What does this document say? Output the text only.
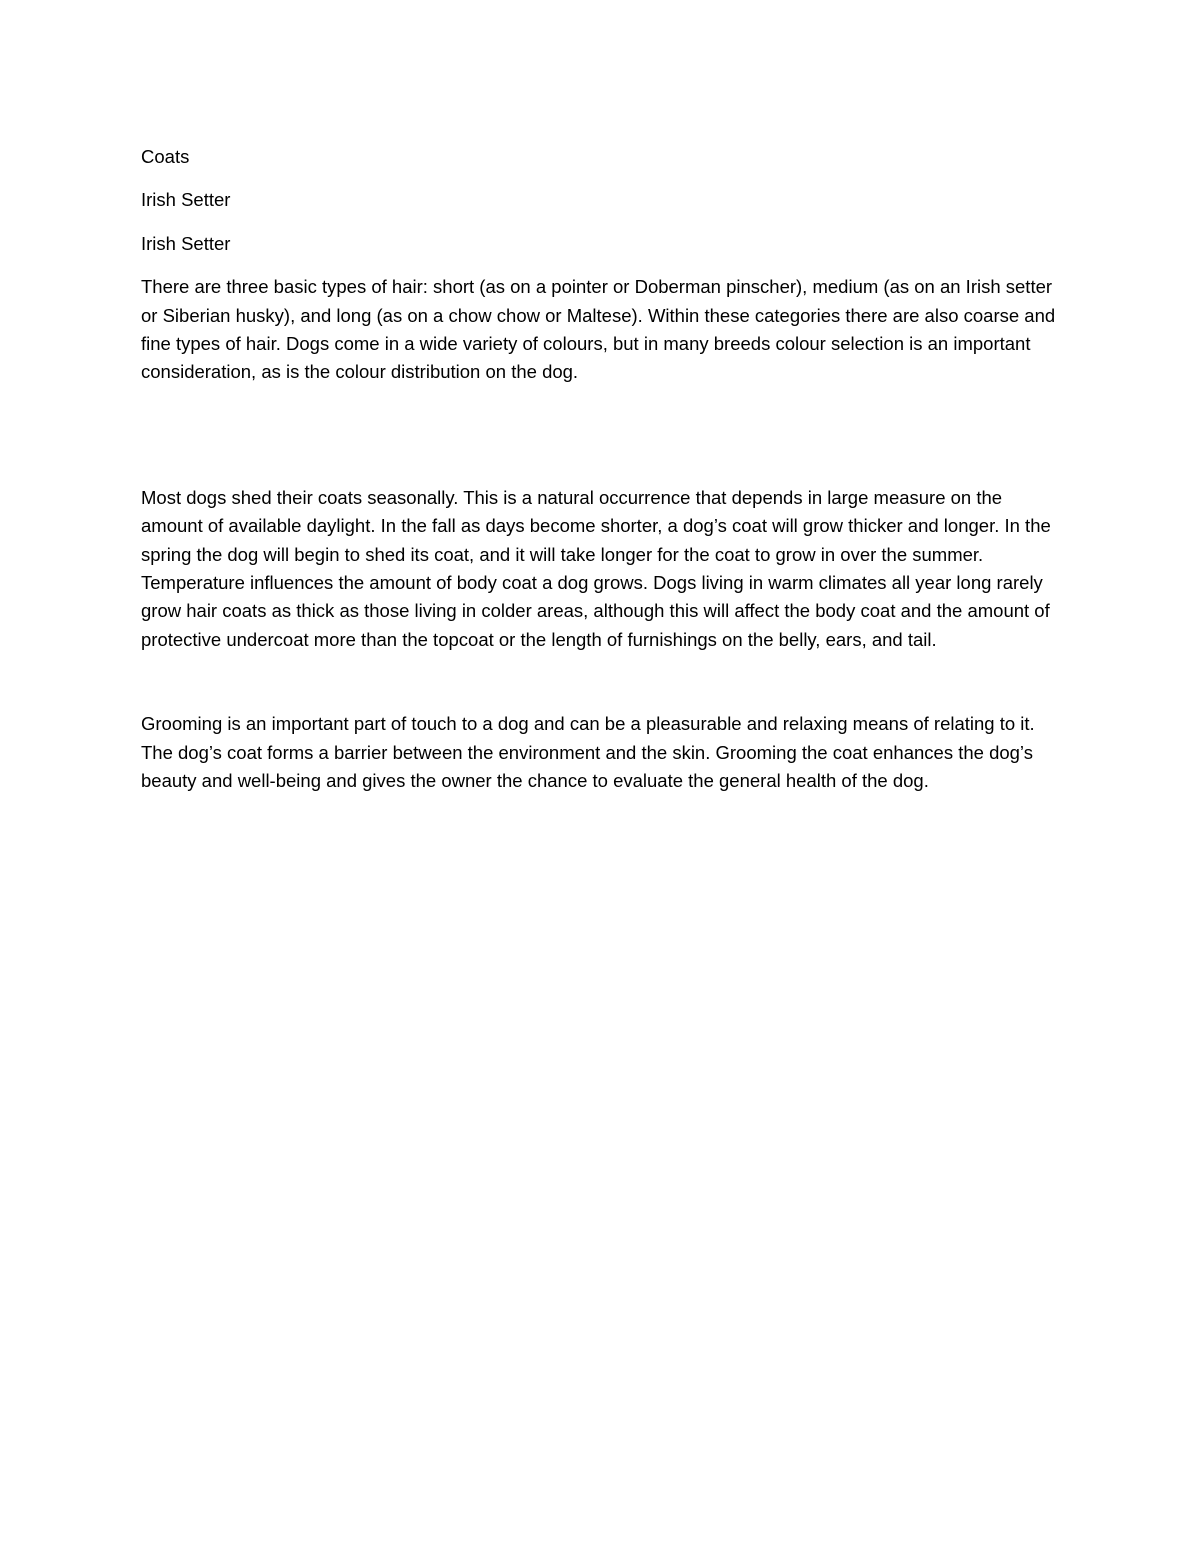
Coats

Irish Setter

Irish Setter

There are three basic types of hair: short (as on a pointer or Doberman pinscher), medium (as on an Irish setter or Siberian husky), and long (as on a chow chow or Maltese). Within these categories there are also coarse and fine types of hair. Dogs come in a wide variety of colours, but in many breeds colour selection is an important consideration, as is the colour distribution on the dog.

Most dogs shed their coats seasonally. This is a natural occurrence that depends in large measure on the amount of available daylight. In the fall as days become shorter, a dog’s coat will grow thicker and longer. In the spring the dog will begin to shed its coat, and it will take longer for the coat to grow in over the summer. Temperature influences the amount of body coat a dog grows. Dogs living in warm climates all year long rarely grow hair coats as thick as those living in colder areas, although this will affect the body coat and the amount of protective undercoat more than the topcoat or the length of furnishings on the belly, ears, and tail.

Grooming is an important part of touch to a dog and can be a pleasurable and relaxing means of relating to it. The dog’s coat forms a barrier between the environment and the skin. Grooming the coat enhances the dog’s beauty and well-being and gives the owner the chance to evaluate the general health of the dog.
